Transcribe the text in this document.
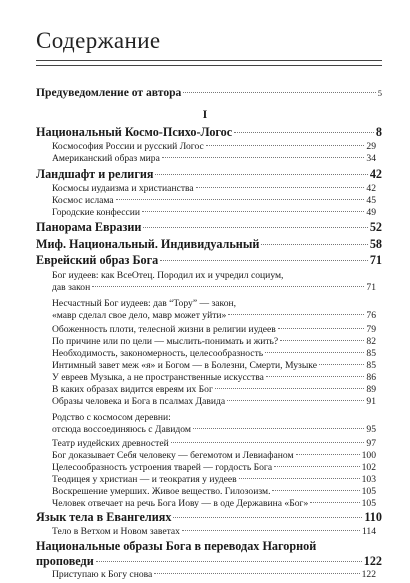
Содержание
Предуведомление от автора	5
I
Национальный Космо-Психо-Логос	8
Космософия России и русский Логос	29
Американский образ мира	34
Ландшафт и религия	42
Космосы иудаизма и христианства	42
Космос ислама	45
Городские конфессии	49
Панорама Евразии	52
Миф. Национальный. Индивидуальный	58
Еврейский образ Бога	71
Бог иудеев: как ВсеОтец. Породил их и учредил социум,
дав закон	71
Несчастный Бог иудеев: дав “Тору” — закон,
«мавр сделал свое дело, мавр может уйти»	76
Обоженность плоти, телесной жизни в религии иудеев	79
По причине или по цели — мыслить-понимать и жить?	82
Необходимость, закономерность, целесообразность	85
Интимный завет меж «я» и Богом — в Болезни, Смерти, Музыке	85
У евреев Музыка, а не пространственные искусства	86
В каких образах видится евреям их Бог	89
Образы человека и Бога в псалмах Давида	91
Родство с космосом деревни:
отсюда воссоединяюсь с Давидом	95
Театр иудейских древностей	97
Бог доказывает Себя человеку — бегемотом и Левиафаном	100
Целесообразность устроения тварей — гордость Бога	102
Теодицея у христиан — и теократия у иудеев	103
Воскрешение умерших. Живое вещество. Гилозоизм.	105
Человек отвечает на речь Бога Иову — в оде Державина «Бог»	105
Язык тела в Евангелиях	110
Тело в Ветхом и Новом заветах	114
Национальные образы Бога в переводах Нагорной
проповеди	122
Приступаю к Богу снова	122
